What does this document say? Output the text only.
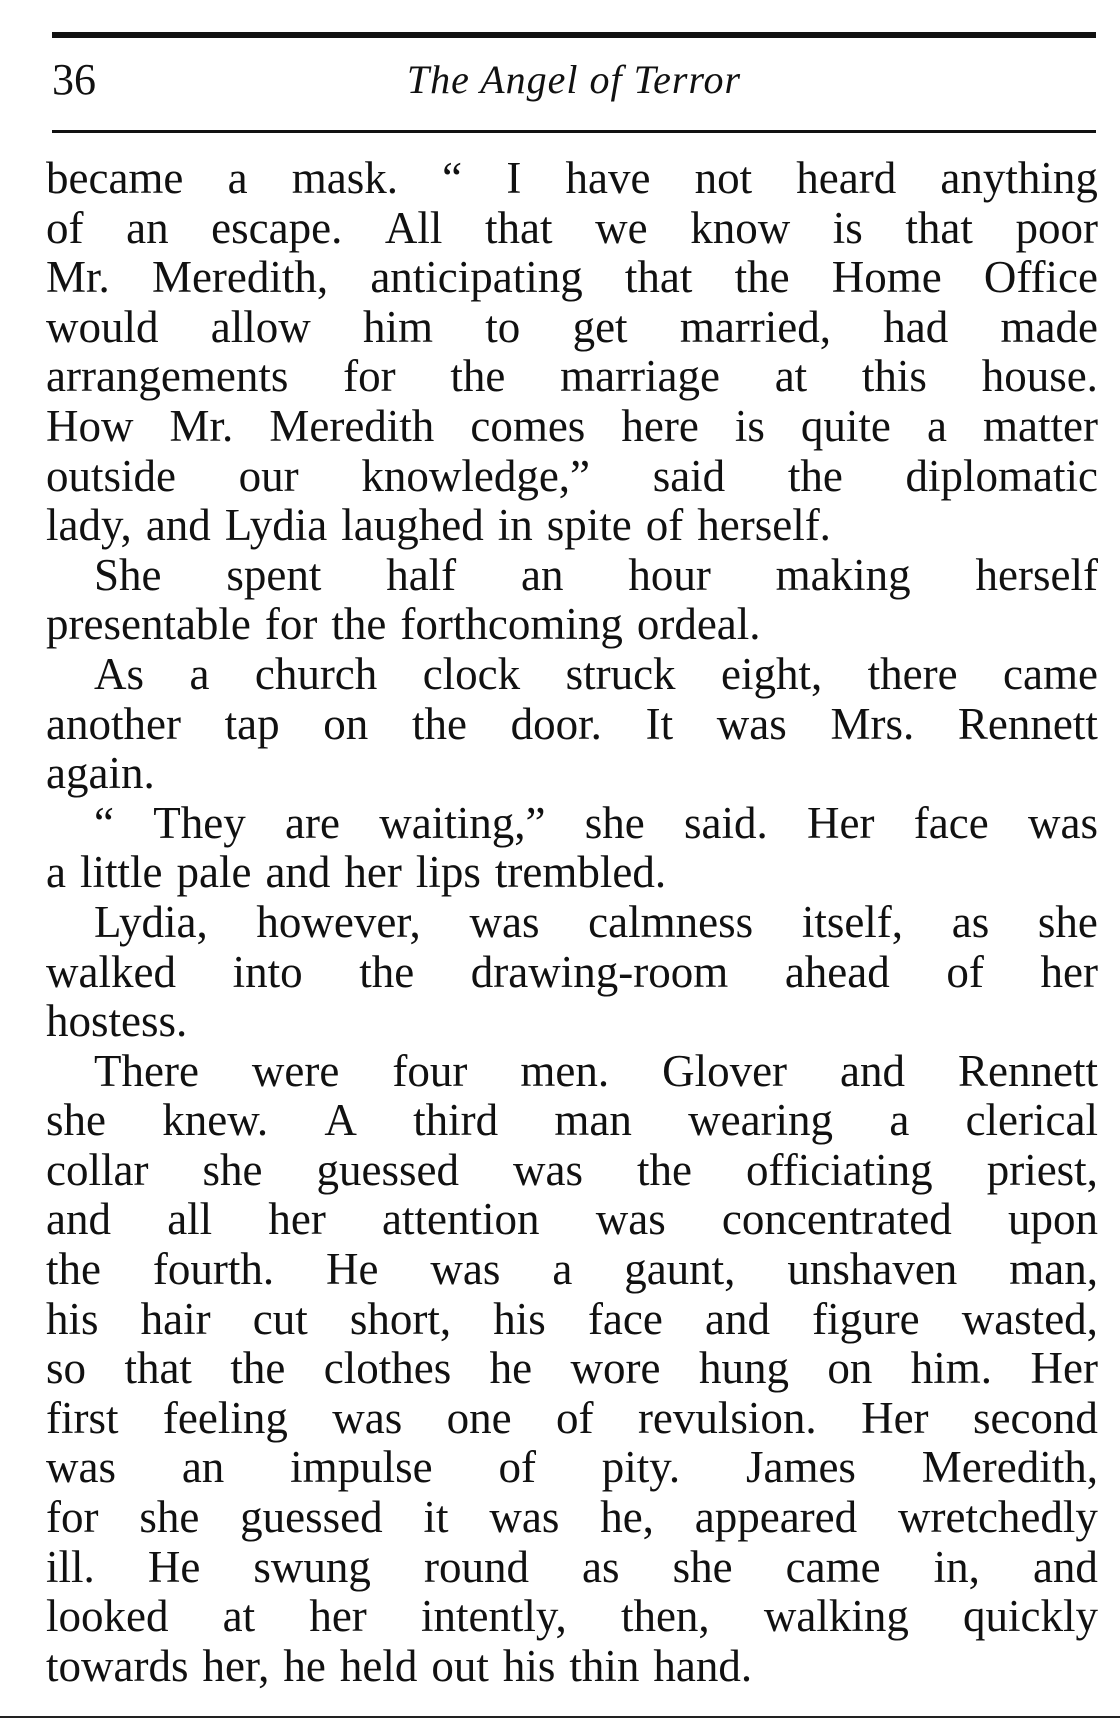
36	The Angel of Terror
became a mask. “ I have not heard anything
of an escape. All that we know is that poor
Mr. Meredith, anticipating that the Home Office
would allow him to get married, had made
arrangements for the marriage at this house.
How Mr. Meredith comes here is quite a matter
outside our knowledge,” said the diplomatic
lady, and Lydia laughed in spite of herself.
She spent half an hour making herself
presentable for the forthcoming ordeal.
As a church clock struck eight, there came
another tap on the door. It was Mrs. Rennett
again.
“ They are waiting,” she said. Her face was
a little pale and her lips trembled.
Lydia, however, was calmness itself, as she
walked into the drawing-room ahead of her
hostess.
There were four men. Glover and Rennett
she knew. A third man wearing a clerical
collar she guessed was the officiating priest,
and all her attention was concentrated upon
the fourth. He was a gaunt, unshaven man,
his hair cut short, his face and figure wasted,
so that the clothes he wore hung on him. Her
first feeling was one of revulsion. Her second
was an impulse of pity. James Meredith,
for she guessed it was he, appeared wretchedly
ill. He swung round as she came in, and
looked at her intently, then, walking quickly
towards her, he held out his thin hand.
